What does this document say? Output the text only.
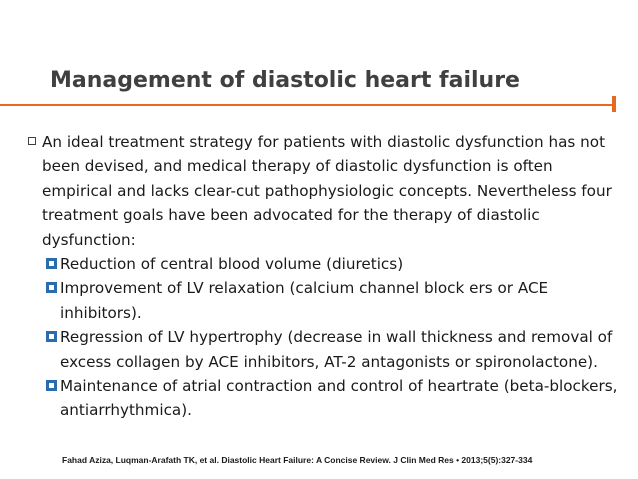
Management of diastolic heart failure
An ideal treatment strategy for patients with diastolic dysfunction has not been devised, and medical therapy of diastolic dysfunction is often empirical and lacks clear-cut pathophysiologic concepts. Nevertheless four treatment goals have been advocated for the therapy of diastolic dysfunction:
Reduction of central blood volume (diuretics)
Improvement of LV relaxation (calcium channel block ers or ACE inhibitors).
Regression of LV hypertrophy (decrease in wall thickness and removal of excess collagen by ACE inhibitors, AT-2 antagonists or spironolactone).
Maintenance of atrial contraction and control of heartrate (beta-blockers, antiarrhythmica).
Fahad Aziza, Luqman-Arafath TK, et al. Diastolic Heart Failure: A Concise Review. J Clin Med Res • 2013;5(5):327-334
